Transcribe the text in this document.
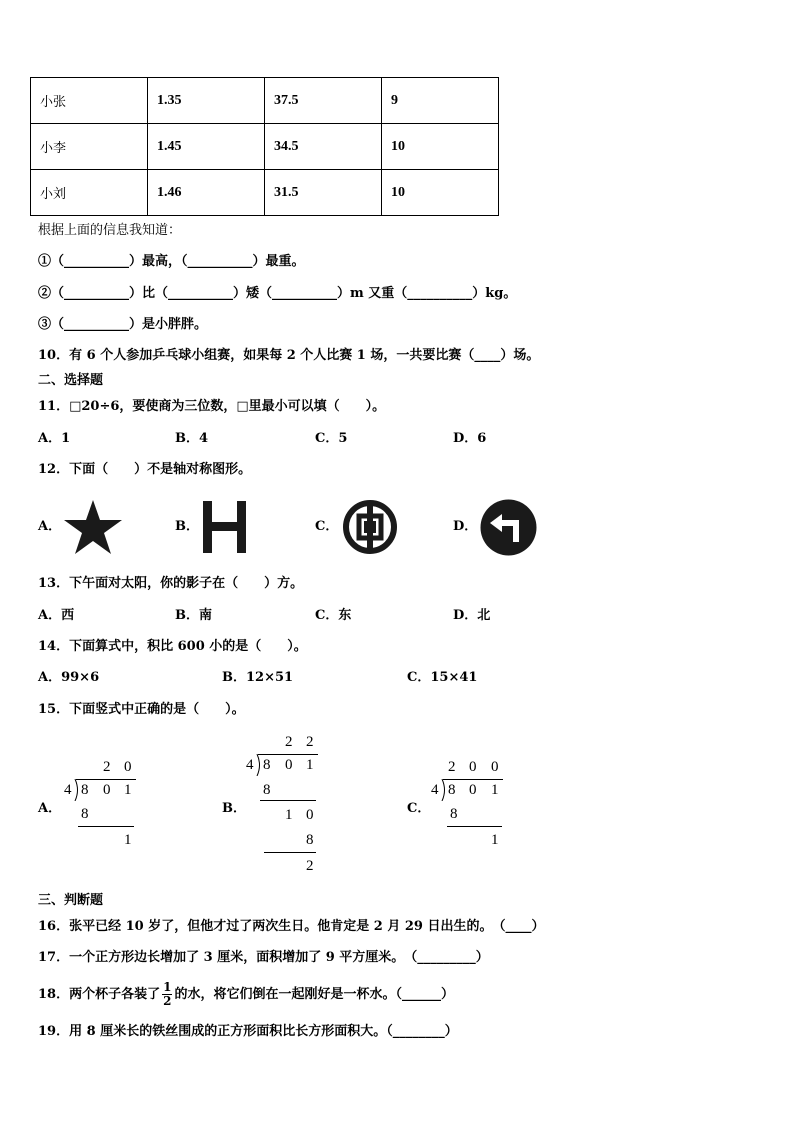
小张	1.35	37.5	9
小李	1.45	34.5	10
小刘	1.46	31.5	10
根据上面的信息我知道：
①（__________）最高，（__________）最重。
②（__________）比（__________）矮（__________）m 又重（__________）kg。
③（__________）是小胖胖。
10．有 6 个人参加乒乓球小组赛，如果每 2 个人比赛 1 场，一共要比赛（____）场。
二、选择题
11．□20÷6，要使商为三位数，□里最小可以填（　　）。
A．1	B．4	C．5	D．6
12．下面（　　）不是轴对称图形。
A．	B．	C．	D．
13．下午面对太阳，你的影子在（　　）方。
A．西	B．南	C．东	D．北
14．下面算式中，积比 600 小的是（　　）。
A．99×6	B．12×51	C．15×41
15．下面竖式中正确的是（　　）。
A．	B．	C．
2 0
4 8 0 1
8
1
2 2
4 8 0 1
8
1 0
8
2
2 0 0
4 8 0 1
8
1
三、判断题
16．张平已经 10 岁了，但他才过了两次生日。他肯定是 2 月 29 日出生的。　（____）
17．一个正方形边长增加了 3 厘米，面积增加了 9 平方厘米。　（_________）
18．两个杯子各装了 $\frac{1}{2}$ 的水，将它们倒在一起刚好是一杯水。（______）
19．用 8 厘米长的铁丝围成的正方形面积比长方形面积大。（________）
